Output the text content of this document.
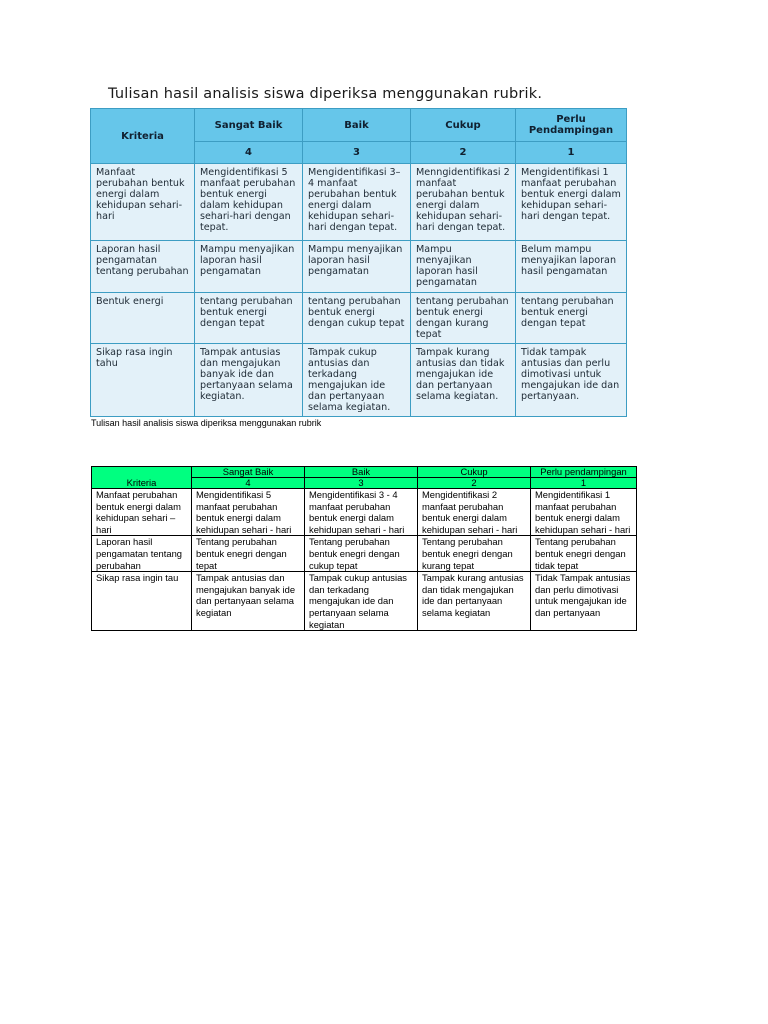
Tulisan hasil analisis siswa diperiksa menggunakan rubrik.
Kriteria	Sangat Baik	Baik	Cukup	Perlu Pendampingan
	4	3	2	1
Manfaat perubahan bentuk energi dalam kehidupan sehari-hari	Mengidentifikasi 5 manfaat perubahan bentuk energi dalam kehidupan sehari-hari dengan tepat.	Mengidentifikasi 3–4 manfaat perubahan bentuk energi dalam kehidupan sehari-hari dengan tepat.	Menngidentifikasi 2 manfaat perubahan bentuk energi dalam kehidupan sehari-hari dengan tepat.	Mengidentifikasi 1 manfaat perubahan bentuk energi dalam kehidupan sehari-hari dengan tepat.
Laporan hasil pengamatan tentang perubahan	Mampu menyajikan laporan hasil pengamatan	Mampu menyajikan laporan hasil pengamatan	Mampu menyajikan laporan hasil pengamatan	Belum mampu menyajikan laporan hasil pengamatan
Bentuk energi	tentang perubahan bentuk energi dengan tepat	tentang perubahan bentuk energi dengan cukup tepat	tentang perubahan bentuk energi dengan kurang tepat	tentang perubahan bentuk energi dengan tepat
Sikap rasa ingin tahu	Tampak antusias dan mengajukan banyak ide dan pertanyaan selama kegiatan.	Tampak cukup antusias dan terkadang mengajukan ide dan pertanyaan selama kegiatan.	Tampak kurang antusias dan tidak mengajukan ide dan pertanyaan selama kegiatan.	Tidak tampak antusias dan perlu dimotivasi untuk mengajukan ide dan pertanyaan.
Tulisan hasil analisis siswa diperiksa menggunakan rubrik
Kriteria	Sangat Baik	Baik	Cukup	Perlu pendampingan
	4	3	2	1
Manfaat perubahan bentuk energi dalam kehidupan sehari – hari	Mengidentifikasi 5 manfaat perubahan bentuk energi dalam kehidupan sehari - hari	Mengidentifikasi 3 - 4 manfaat perubahan bentuk energi dalam kehidupan sehari - hari	Mengidentifikasi 2 manfaat perubahan bentuk energi dalam kehidupan sehari - hari	Mengidentifikasi 1 manfaat perubahan bentuk energi dalam kehidupan sehari - hari
Laporan hasil pengamatan tentang perubahan	Tentang perubahan bentuk enegri dengan tepat	Tentang perubahan bentuk enegri dengan cukup tepat	Tentang perubahan bentuk enegri dengan kurang tepat	Tentang perubahan bentuk enegri dengan tidak tepat
Sikap rasa ingin tau	Tampak antusias dan mengajukan banyak ide dan pertanyaan selama kegiatan	Tampak cukup antusias dan terkadang mengajukan ide dan pertanyaan selama kegiatan	Tampak kurang antusias dan tidak mengajukan ide dan pertanyaan selama kegiatan	Tidak Tampak antusias dan perlu dimotivasi untuk mengajukan ide dan pertanyaan
